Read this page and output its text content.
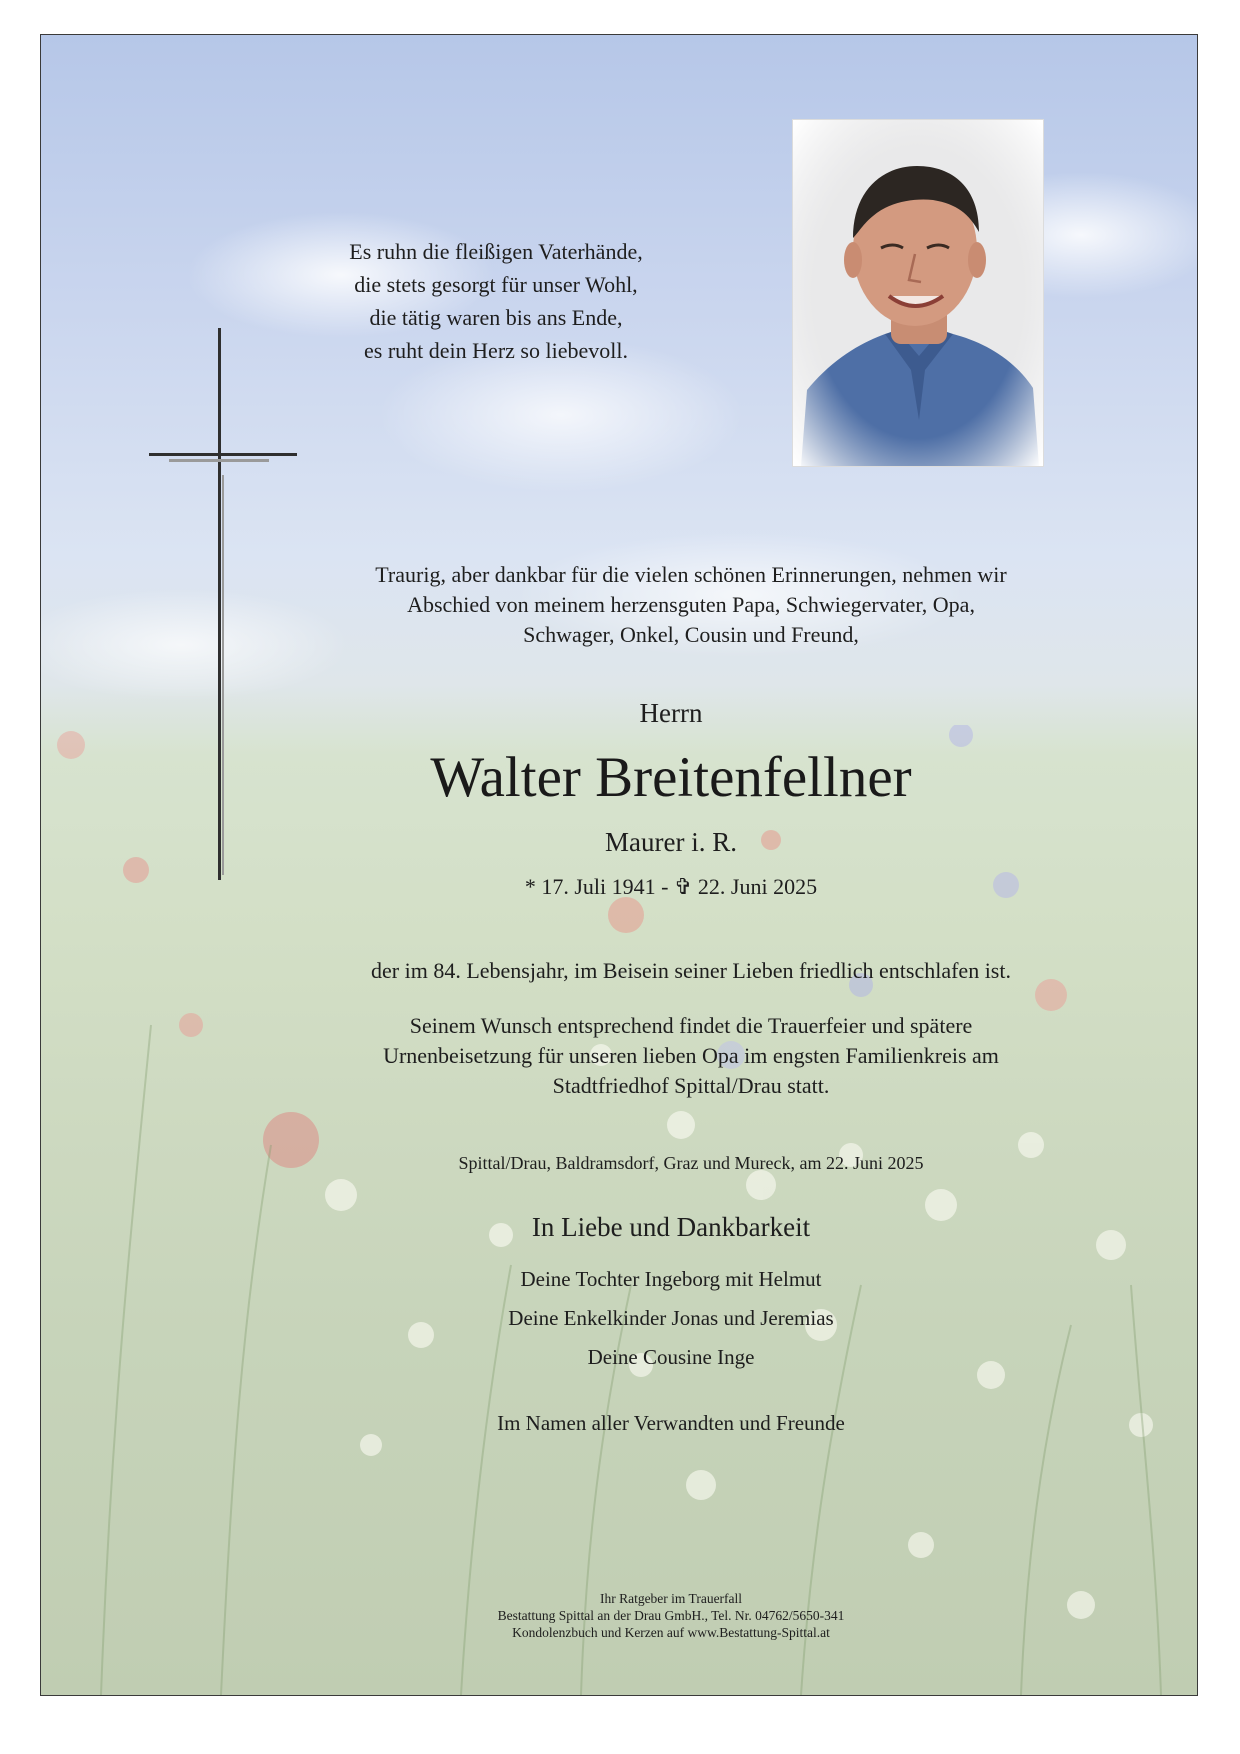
Es ruhn die fleißigen Vaterhände,
die stets gesorgt für unser Wohl,
die tätig waren bis ans Ende,
es ruht dein Herz so liebevoll.
Traurig, aber dankbar für die vielen schönen Erinnerungen, nehmen wir
Abschied von meinem herzensguten Papa, Schwiegervater, Opa,
Schwager, Onkel, Cousin und Freund,
Herrn
Walter Breitenfellner
Maurer i. R.
* 17. Juli 1941 - ✞ 22. Juni 2025
der im 84. Lebensjahr, im Beisein seiner Lieben friedlich entschlafen ist.
Seinem Wunsch entsprechend findet die Trauerfeier und spätere
Urnenbeisetzung für unseren lieben Opa im engsten Familienkreis am
Stadtfriedhof Spittal/Drau statt.
Spittal/Drau, Baldramsdorf, Graz und Mureck, am 22. Juni 2025
In Liebe und Dankbarkeit
Deine Tochter Ingeborg mit Helmut
Deine Enkelkinder Jonas und Jeremias
Deine Cousine Inge
Im Namen aller Verwandten und Freunde
Ihr Ratgeber im Trauerfall
Bestattung Spittal an der Drau GmbH., Tel. Nr. 04762/5650-341
Kondolenzbuch und Kerzen auf www.Bestattung-Spittal.at
